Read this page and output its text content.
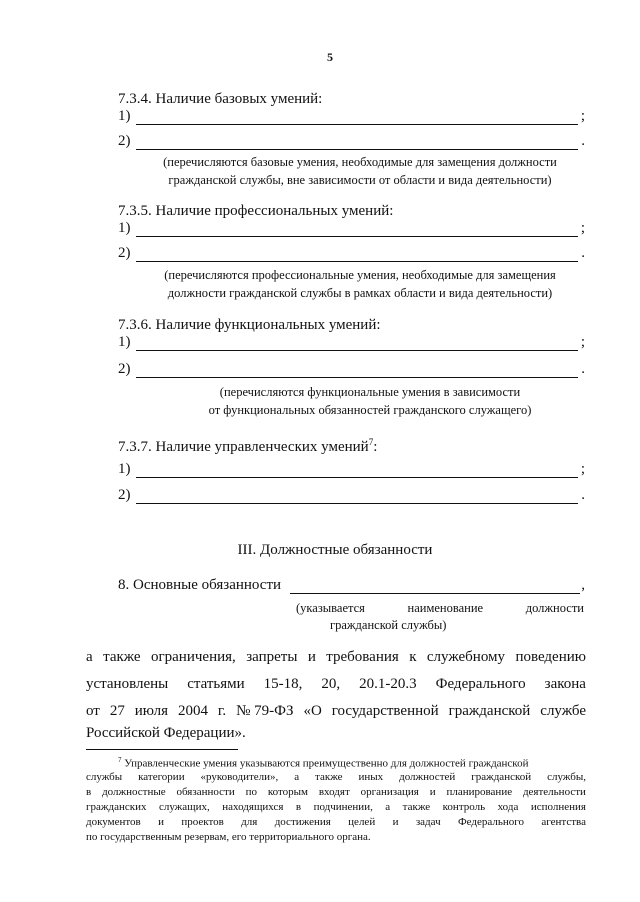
5
7.3.4. Наличие базовых умений:
1)	;
2)	.
(перечисляются базовые умения, необходимые для замещения должности
гражданской службы, вне зависимости от области и вида деятельности)
7.3.5. Наличие профессиональных умений:
1)	;
2)	.
(перечисляются профессиональные умения, необходимые для замещения
должности гражданской службы в рамках области и вида деятельности)
7.3.6. Наличие функциональных умений:
1)	;
2)	.
(перечисляются функциональные умения в зависимости
от функциональных обязанностей гражданского служащего)
7.3.7. Наличие управленческих умений$^7$:
1)	;
2)	.
III. Должностные обязанности
8. Основные обязанности	,
(указывается	наименование	должности
гражданской службы)
а также ограничения, запреты и требования к служебному поведению
установлены статьями 15-18, 20, 20.1-20.3 Федерального закона
от 27 июля 2004 г. № 79-ФЗ «О государственной гражданской службе
Российской Федерации».
$^7$ Управленческие умения указываются преимущественно для должностей гражданской
службы категории «руководители», а также иных должностей гражданской службы,
в должностные обязанности по которым входят организация и планирование деятельности
гражданских служащих, находящихся в подчинении, а также контроль хода исполнения
документов и проектов для достижения целей и задач Федерального агентства
по государственным резервам, его территориального органа.
